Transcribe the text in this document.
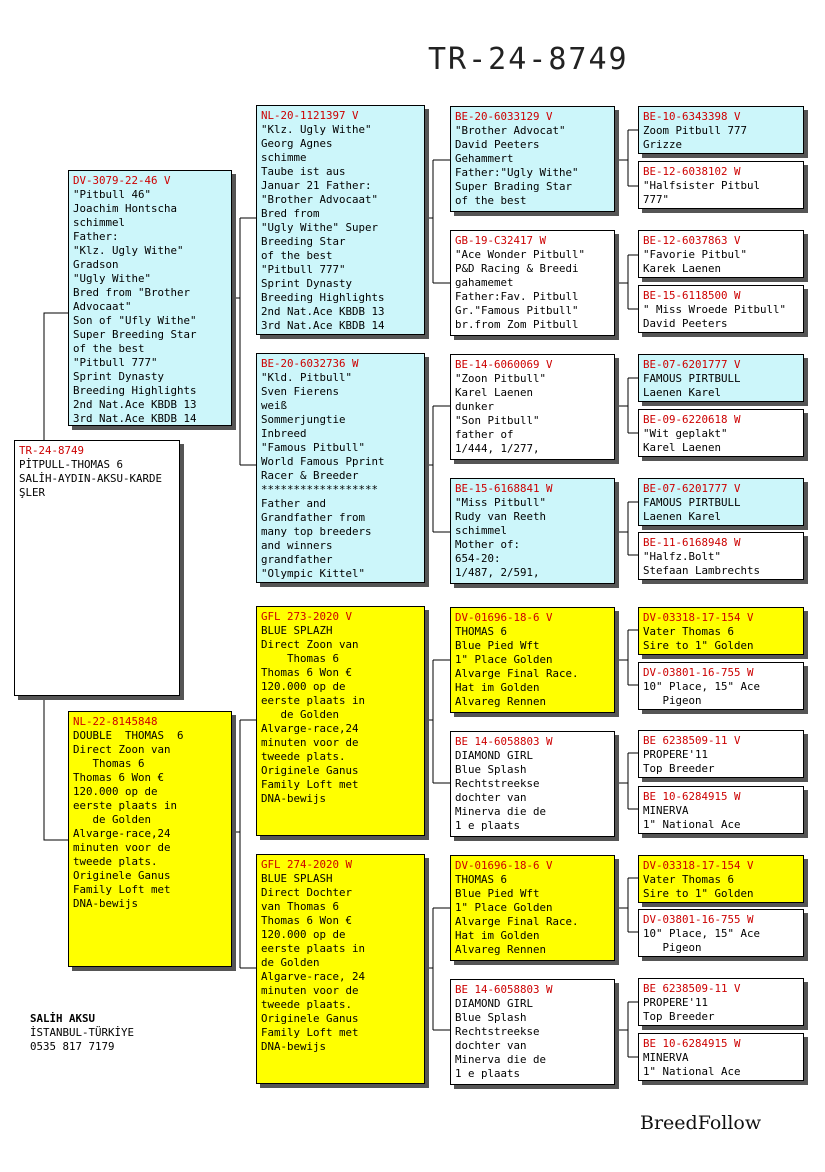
TR-24-8749
TR-24-8749
PİTPULL-THOMAS 6
SALİH-AYDIN-AKSU-KARDE
ŞLER
DV-3079-22-46 V
"Pitbull 46"
Joachim Hontscha
schimmel
Father:
"Klz. Ugly Withe"
Gradson
"Ugly Withe"
Bred from "Brother
Advocaat"
Son of "Ufly Withe"
Super Breeding Star
of the best
"Pitbull 777"
Sprint Dynasty
Breeding Highlights
2nd Nat.Ace KBDB 13
3rd Nat.Ace KBDB 14
NL-22-8145848
DOUBLE  THOMAS  6
Direct Zoon van
Thomas 6
Thomas 6 Won €
120.000 op de
eerste plaats in
de Golden
Alvarge-race,24
minuten voor de
tweede plats.
Originele Ganus
Family Loft met
DNA-bewijs
NL-20-1121397 V
"Klz. Ugly Withe"
Georg Agnes
schimme
Taube ist aus
Januar 21 Father:
"Brother Advocaat"
Bred from
"Ugly Withe" Super
Breeding Star
of the best
"Pitbull 777"
Sprint Dynasty
Breeding Highlights
2nd Nat.Ace KBDB 13
3rd Nat.Ace KBDB 14
BE-20-6032736 W
"Kld. Pitbull"
Sven Fierens
weiß
Sommerjungtie
Inbreed
"Famous Pitbull"
World Famous Pprint
Racer & Breeder
******************
Father and
Grandfather from
many top breeders
and winners
grandfather
"Olympic Kittel"
GFL 273-2020 V
BLUE SPLAZH
Direct Zoon van
Thomas 6
Thomas 6 Won €
120.000 op de
eerste plaats in
de Golden
Alvarge-race,24
minuten voor de
tweede plats.
Originele Ganus
Family Loft met
DNA-bewijs
GFL 274-2020 W
BLUE SPLASH
Direct Dochter
van Thomas 6
Thomas 6 Won €
120.000 op de
eerste plaats in
de Golden
Algarve-race, 24
minuten voor de
tweede plaats.
Originele Ganus
Family Loft met
DNA-bewijs
BE-20-6033129 V
"Brother Advocat"
David Peeters
Gehammert
Father:"Ugly Withe"
Super Brading Star
of the best
GB-19-C32417 W
"Ace Wonder Pitbull"
P&D Racing & Breedi
gahamemet
Father:Fav. Pitbull
Gr."Famous Pitbull"
br.from Zom Pitbull
BE-14-6060069 V
"Zoon Pitbull"
Karel Laenen
dunker
"Son Pitbull"
father of
1/444, 1/277,
BE-15-6168841 W
"Miss Pitbull"
Rudy van Reeth
schimmel
Mother of:
654-20:
1/487, 2/591,
DV-01696-18-6 V
THOMAS 6
Blue Pied Wft
1" Place Golden
Alvarge Final Race.
Hat im Golden
Alvareg Rennen
BE 14-6058803 W
DIAMOND GIRL
Blue Splash
Rechtstreekse
dochter van
Minerva die de
1 e plaats
DV-01696-18-6 V
THOMAS 6
Blue Pied Wft
1" Place Golden
Alvarge Final Race.
Hat im Golden
Alvareg Rennen
BE 14-6058803 W
DIAMOND GIRL
Blue Splash
Rechtstreekse
dochter van
Minerva die de
1 e plaats
BE-10-6343398 V
Zoom Pitbull 777
Grizze
BE-12-6038102 W
"Halfsister Pitbul
777"
BE-12-6037863 V
"Favorie Pitbul"
Karek Laenen
BE-15-6118500 W
" Miss Wroede Pitbull"
David Peeters
BE-07-6201777 V
FAMOUS PIRTBULL
Laenen Karel
BE-09-6220618 W
"Wit geplakt"
Karel Laenen
BE-07-6201777 V
FAMOUS PIRTBULL
Laenen Karel
BE-11-6168948 W
"Halfz.Bolt"
Stefaan Lambrechts
DV-03318-17-154 V
Vater Thomas 6
Sire to 1" Golden
DV-03801-16-755 W
10" Place, 15" Ace
Pigeon
BE 6238509-11 V
PROPERE'11
Top Breeder
BE 10-6284915 W
MINERVA
1" National Ace
DV-03318-17-154 V
Vater Thomas 6
Sire to 1" Golden
DV-03801-16-755 W
10" Place, 15" Ace
Pigeon
BE 6238509-11 V
PROPERE'11
Top Breeder
BE 10-6284915 W
MINERVA
1" National Ace
SALİH AKSU
İSTANBUL-TÜRKİYE
0535 817 7179
BreedFollow
